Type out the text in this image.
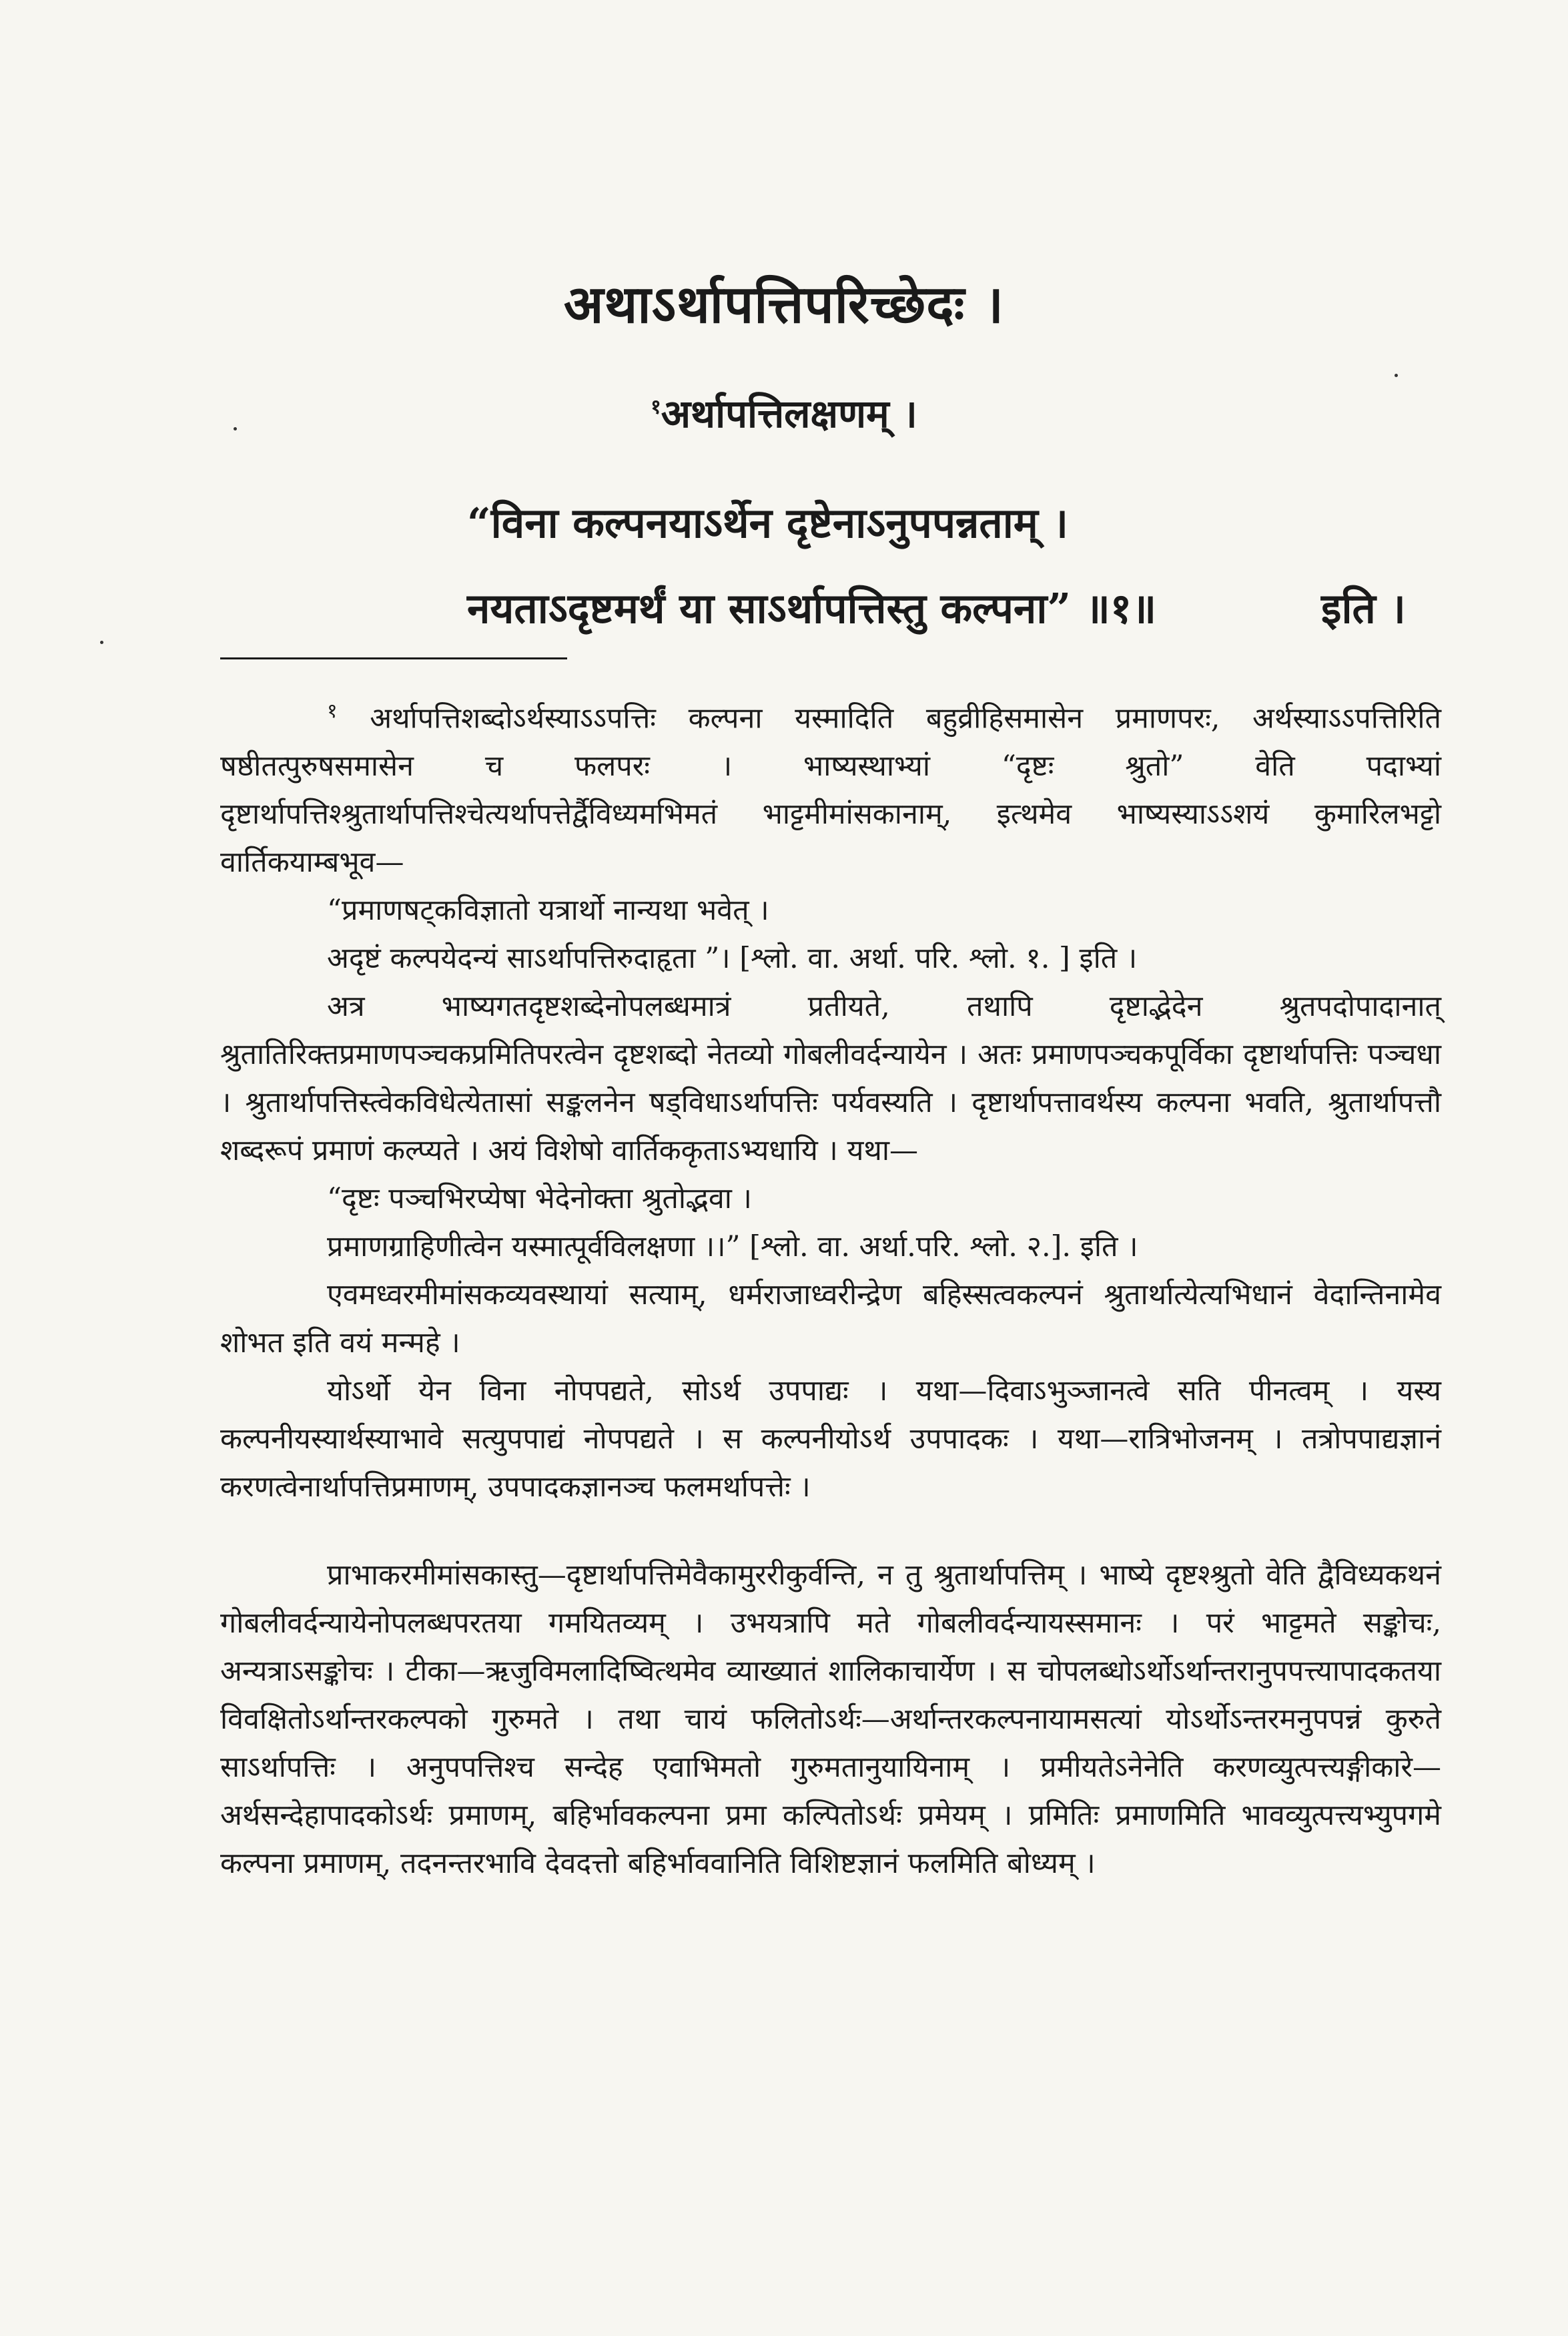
अथाऽर्थापत्तिपरिच्छेदः ।
$^१$अर्थापत्तिलक्षणम् ।
“विना कल्पनयाऽर्थेन दृष्टेनाऽनुपपन्नताम् ।
नयताऽदृष्टमर्थं या साऽर्थापत्तिस्तु कल्पना” ॥१॥	इति ।

$^१$ अर्थापत्तिशब्दोऽर्थस्याऽऽपत्तिः कल्पना यस्मादिति बहुव्रीहिसमासेन प्रमाणपरः, अर्थस्याऽऽपत्तिरिति षष्ठीतत्पुरुषसमासेन च फलपरः । भाष्यस्थाभ्यां “दृष्टः श्रुतो” वेति पदाभ्यां दृष्टार्थापत्तिश्श्रुतार्थापत्तिश्चेत्यर्थापत्तेर्द्वैविध्यमभिमतं भाट्टमीमांसकानाम्, इत्थमेव भाष्यस्याऽऽशयं कुमारिलभट्टो वार्तिकयाम्बभूव—

“प्रमाणषट्कविज्ञातो यत्रार्थो नान्यथा भवेत् ।

अदृष्टं कल्पयेदन्यं साऽर्थापत्तिरुदाहृता ”। [श्लो. वा. अर्था. परि. श्लो. १. ] इति ।

अत्र भाष्यगतदृष्टशब्देनोपलब्धमात्रं प्रतीयते, तथापि दृष्टाद्भेदेन श्रुतपदोपादानात् श्रुतातिरिक्तप्रमाणपञ्चकप्रमितिपरत्वेन दृष्टशब्दो नेतव्यो गोबलीवर्दन्यायेन । अतः प्रमाणपञ्चकपूर्विका दृष्टार्थापत्तिः पञ्चधा । श्रुतार्थापत्तिस्त्वेकविधेत्येतासां सङ्कलनेन षड्विधाऽर्थापत्तिः पर्यवस्यति । दृष्टार्थापत्तावर्थस्य कल्पना भवति, श्रुतार्थापत्तौ शब्दरूपं प्रमाणं कल्प्यते । अयं विशेषो वार्तिककृताऽभ्यधायि । यथा—

“दृष्टः पञ्चभिरप्येषा भेदेनोक्ता श्रुतोद्भवा ।

प्रमाणग्राहिणीत्वेन यस्मात्पूर्वविलक्षणा ।।” [श्लो. वा. अर्था.परि. श्लो. २.]. इति ।

एवमध्वरमीमांसकव्यवस्थायां सत्याम्, धर्मराजाध्वरीन्द्रेण बहिस्सत्वकल्पनं श्रुतार्थात्येत्यभिधानं वेदान्तिनामेव शोभत इति वयं मन्महे ।

योऽर्थो येन विना नोपपद्यते, सोऽर्थ उपपाद्यः । यथा—दिवाऽभुञ्जानत्वे सति पीनत्वम् । यस्य कल्पनीयस्यार्थस्याभावे सत्युपपाद्यं नोपपद्यते । स कल्पनीयोऽर्थ उपपादकः । यथा—रात्रिभोजनम् । तत्रोपपाद्यज्ञानं करणत्वेनार्थापत्तिप्रमाणम्, उपपादकज्ञानञ्च फलमर्थापत्तेः ।

प्राभाकरमीमांसकास्तु—दृष्टार्थापत्तिमेवैकामुररीकुर्वन्ति, न तु श्रुतार्थापत्तिम् । भाष्ये दृष्टश्श्रुतो वेति द्वैविध्यकथनं गोबलीवर्दन्यायेनोपलब्धपरतया गमयितव्यम् । उभयत्रापि मते गोबलीवर्दन्यायस्समानः । परं भाट्टमते सङ्कोचः, अन्यत्राऽसङ्कोचः । टीका—ऋजुविमलादिष्वित्थमेव व्याख्यातं शालिकाचार्येण । स चोपलब्धोऽर्थोऽर्थान्तरानुपपत्त्यापादकतया विवक्षितोऽर्थान्तरकल्पको गुरुमते । तथा चायं फलितोऽर्थः—अर्थान्तरकल्पनायामसत्यां योऽर्थोऽन्तरमनुपपन्नं कुरुते साऽर्थापत्तिः । अनुपपत्तिश्च सन्देह एवाभिमतो गुरुमतानुयायिनाम् । प्रमीयतेऽनेनेति करणव्युत्पत्त्यङ्गीकारे—अर्थसन्देहापादकोऽर्थः प्रमाणम्, बहिर्भावकल्पना प्रमा कल्पितोऽर्थः प्रमेयम् । प्रमितिः प्रमाणमिति भावव्युत्पत्त्यभ्युपगमे कल्पना प्रमाणम्, तदनन्तरभावि देवदत्तो बहिर्भाववानिति विशिष्टज्ञानं फलमिति बोध्यम् ।
